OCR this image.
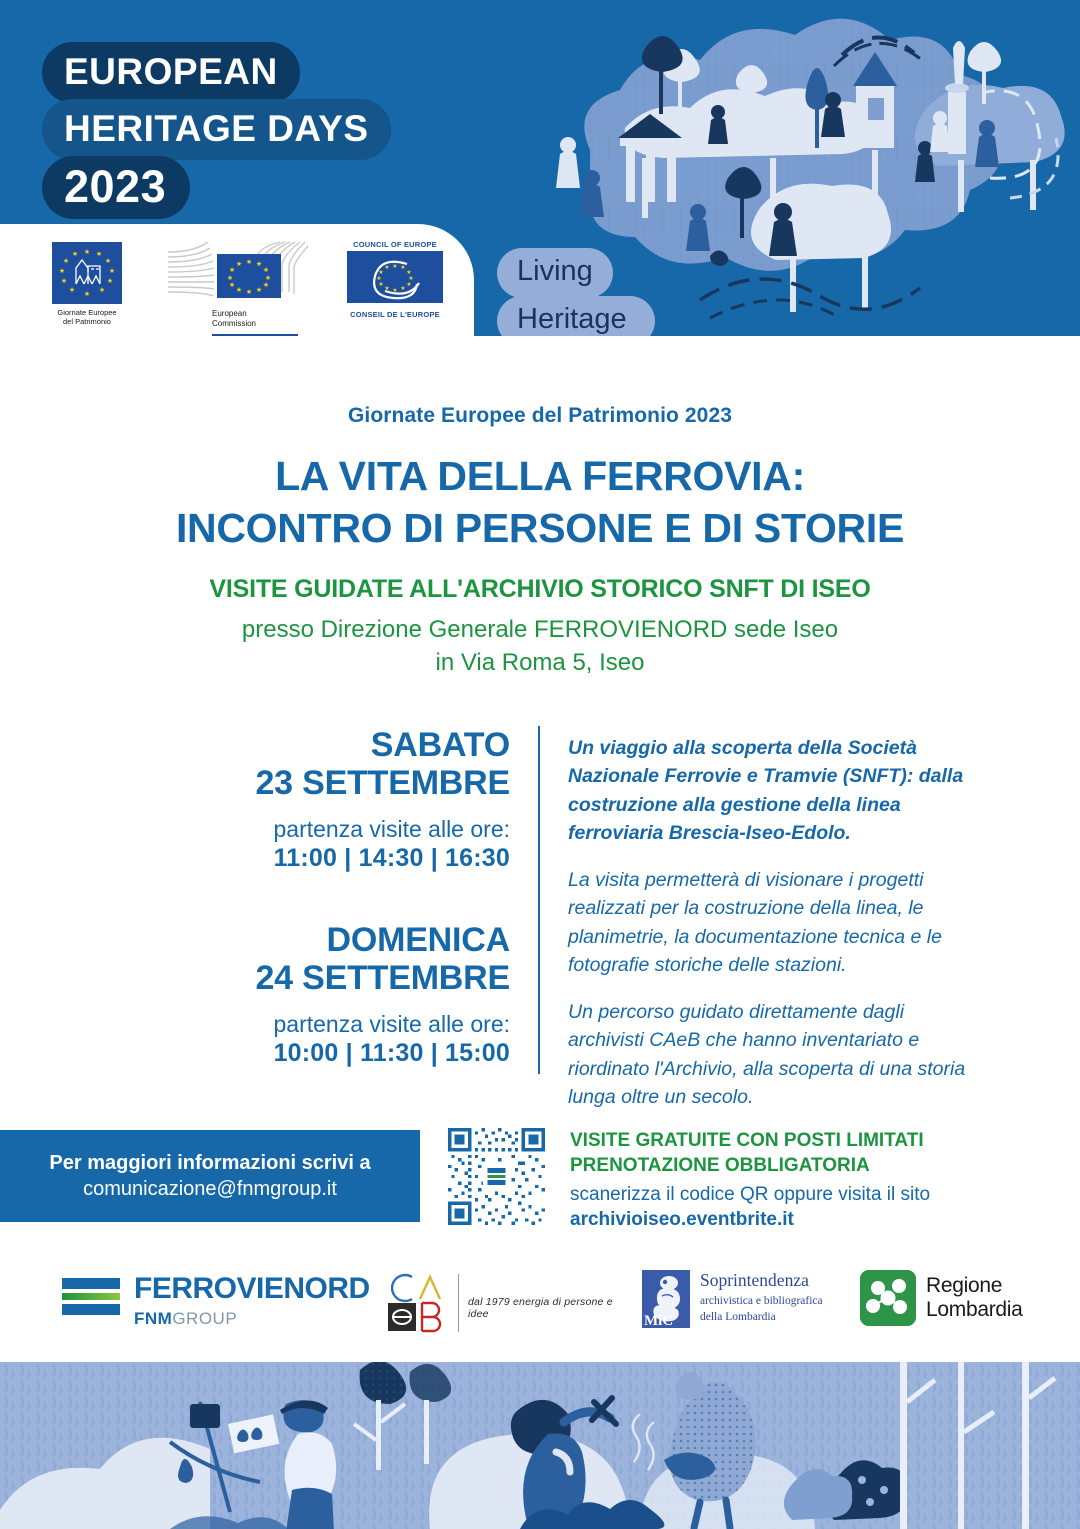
EUROPEAN
HERITAGE DAYS
2023
Living
Heritage
★
★	★
★	★
★	★
★	★
★	★
★
Giornate Europee
del Patrimonio
★
★ ★
★	★
★	★
★	★
★ ★
★
European
Commission
COUNCIL OF EUROPE
★
★ ★
★	★
★	★
★	★
★ ★
★
CONSEIL DE L'EUROPE
Giornate Europee del Patrimonio 2023
LA VITA DELLA FERROVIA:
INCONTRO DI PERSONE E DI STORIE
VISITE GUIDATE ALL'ARCHIVIO STORICO SNFT DI ISEO
presso Direzione Generale FERROVIENORD sede Iseo
in Via Roma 5, Iseo
SABATO
23 SETTEMBRE
partenza visite alle ore:
11:00 | 14:30 | 16:30
DOMENICA
24 SETTEMBRE
partenza visite alle ore:
10:00 | 11:30 | 15:00

Un viaggio alla scoperta della Società Nazionale Ferrovie e Tramvie (SNFT): dalla costruzione alla gestione della linea ferroviaria Brescia-Iseo-Edolo.

La visita permetterà di visionare i progetti realizzati per la costruzione della linea, le planimetrie, la documentazione tecnica e le fotografie storiche delle stazioni.

Un percorso guidato direttamente dagli archivisti CAeB che hanno inventariato e riordinato l'Archivio, alla scoperta di una storia lunga oltre un secolo.

Per maggiori informazioni scrivi a
comunicazione@fnmgroup.it
VISITE GRATUITE CON POSTI LIMITATI
PRENOTAZIONE OBBLIGATORIA
scanerizza il codice QR oppure visita il sito
archivioiseo.eventbrite.it
FERROVIENORD
FNMGROUP
dal 1979 energia di persone e idee	MiC
Soprintendenza
archivistica e bibliografica
della Lombardia
Regione
Lombardia
